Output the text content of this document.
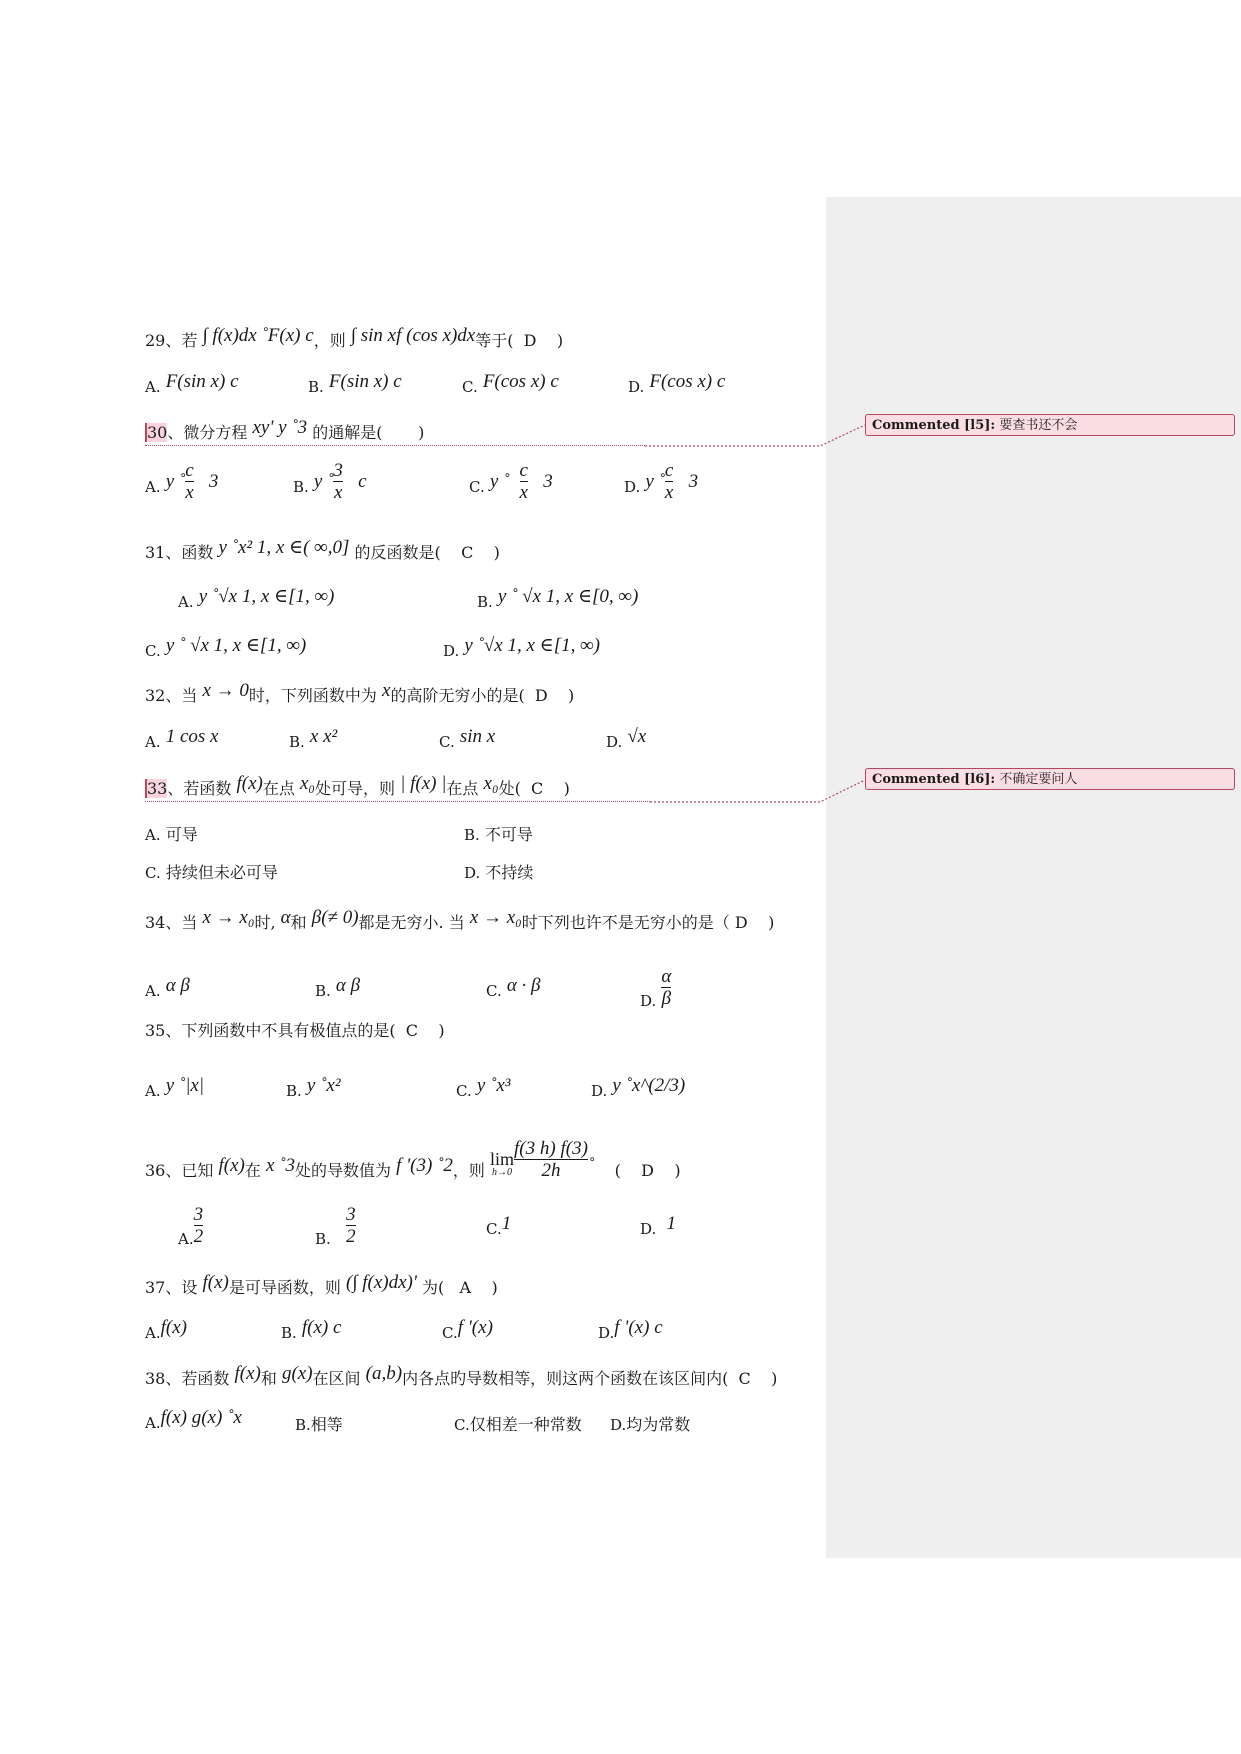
29、若 ∫ f(x)dx ˚F(x) c，则 ∫ sin xf (cos x)dx等于( D )
A. F(sin x) c	B. F(sin x) c	C. F(cos x) c	D. F(cos x) c
30、微分方程 xy' y ˚3 的通解是( )
A. y ˚ $\frac{c}{x} 3$	B. y ˚ $\frac{3}{x}$ c	C. y ˚ $\frac{c}{x} 3$	D. y ˚ $\frac{c}{x} 3$
31、函数 y ˚x² 1, x ∈( ∞,0] 的反函数是( C )
A. y ˚√x 1, x ∈[1, ∞)	B. y ˚ √x 1, x ∈[0, ∞)
C. y ˚ √x 1, x ∈[1, ∞)	D. y ˚√x 1, x ∈[1, ∞)
32、当 x → 0时，下列函数中为 x的高阶无穷小的是( D )
A. 1 cos x	B. x x²	C. sin x	D. √x
33、若函数 f(x)在点 x₀处可导，则 | f(x) |在点 x₀处( C )
A. 可导	B. 不可导
C. 持续但未必可导	D. 不持续
34、当 x → x₀时, α和 β(≠ 0)都是无穷小. 当 x → x₀时下列也许不是无穷小的是（ D )
A. α β	B. α β	C. α · β
D. $\frac{\alpha}{\beta}$
35、下列函数中不具有极值点的是( C )
A. y ˚|x|	B. y ˚x²	C. y ˚x³	D. y ˚x^(2/3)
36、已知 f(x)在 x ˚3处的导数值为 f '(3) ˚2，则
lim
$h\to 0 \frac{f(3 h) f(3)}{2h}$ ˚ ( D )
A. $\frac{3}{2}$	B. $\frac{3}{2}$	C.1	D. 1
37、设 f(x)是可导函数，则 (∫ f(x)dx)' 为( A )
A.f(x)	B. f(x) c	C.f '(x)	D.f '(x) c
38、若函数 f(x)和 g(x)在区间 (a,b)内各点旳导数相等，则这两个函数在该区间内( C )
A.f(x) g(x) ˚x	B.相等	C.仅相差一种常数 D.均为常数
Commented [l5]: 要查书还不会
Commented [l6]: 不确定要问人
